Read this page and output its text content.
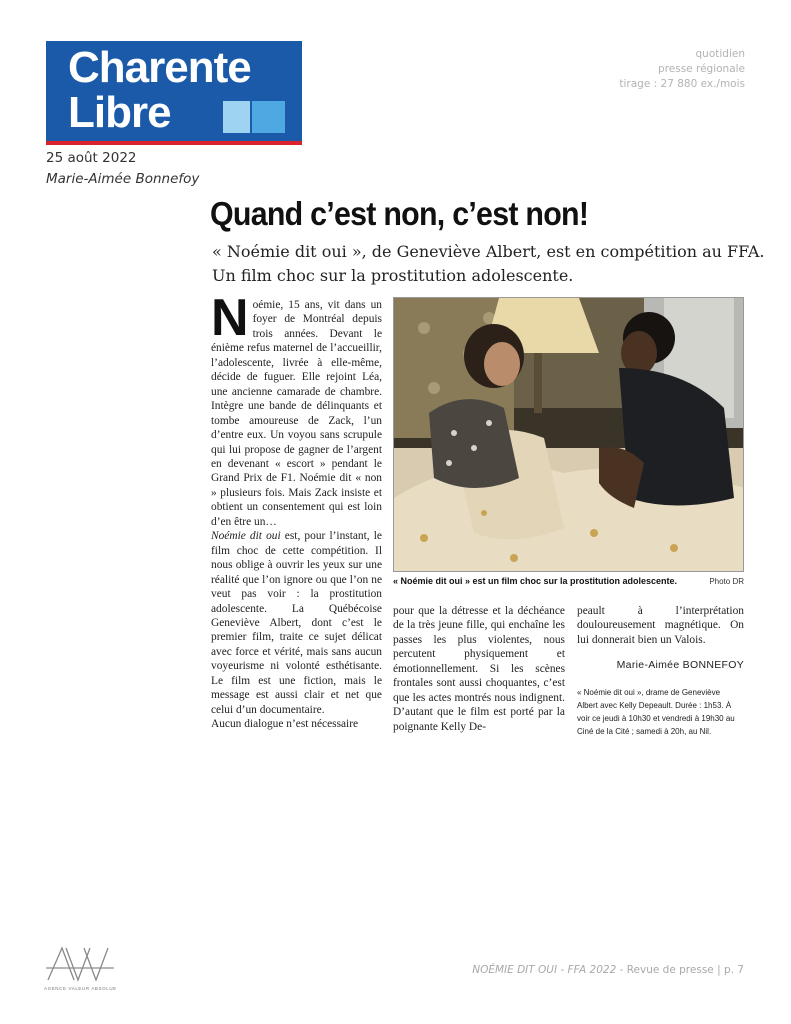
Charente
Libre
quotidien
presse régionale
tirage : 27 880 ex./mois
25 août 2022
Marie-Aimée Bonnefoy
Quand c’est non, c’est non!
« Noémie dit oui », de Geneviève Albert, est en compétition au FFA.
Un film choc sur la prostitution adolescente.

Noémie, 15 ans, vit dans un foyer de Montréal depuis trois années. Devant le énième refus maternel de l’accueillir, l’adolescente, livrée à elle-même, décide de fuguer. Elle rejoint Léa, une ancienne camarade de chambre. Intègre une bande de délinquants et tombe amoureuse de Zack, l’un d’entre eux. Un voyou sans scrupule qui lui propose de gagner de l’argent en devenant « escort » pendant le Grand Prix de F1. Noémie dit « non » plusieurs fois. Mais Zack insiste et obtient un consentement qui est loin d’en être un…

Noémie dit oui est, pour l’instant, le film choc de cette compétition. Il nous oblige à ouvrir les yeux sur une réalité que l’on ignore ou que l’on ne veut pas voir : la prostitution adolescente. La Québécoise Geneviève Albert, dont c’est le premier film, traite ce sujet délicat avec force et vérité, mais sans aucun voyeurisme ni volonté esthétisante. Le film est une fiction, mais le message est aussi clair et net que celui d’un documentaire.

Aucun dialogue n’est nécessaire

« Noémie dit oui » est un film choc sur la prostitution adolescente.	Photo DR

pour que la détresse et la déchéance de la très jeune fille, qui enchaîne les passes les plus violentes, nous percutent physiquement et émotionnellement. Si les scènes frontales sont aussi choquantes, c’est que les actes montrés nous indignent. D’autant que le film est porté par la poignante Kelly De-

peault à l’interprétation douloureusement magnétique. On lui donnerait bien un Valois.

Marie-Aimée BONNEFOY
« Noémie dit oui », drame de Geneviève Albert avec Kelly Depeault. Durée : 1h53. À voir ce jeudi à 10h30 et vendredi à 19h30 au Ciné de la Cité ; samedi à 20h, au Nil.
AGENCE VALEUR ABSOLUE
NOÉMIE DIT OUI - FFA 2022 - Revue de presse | p. 7
